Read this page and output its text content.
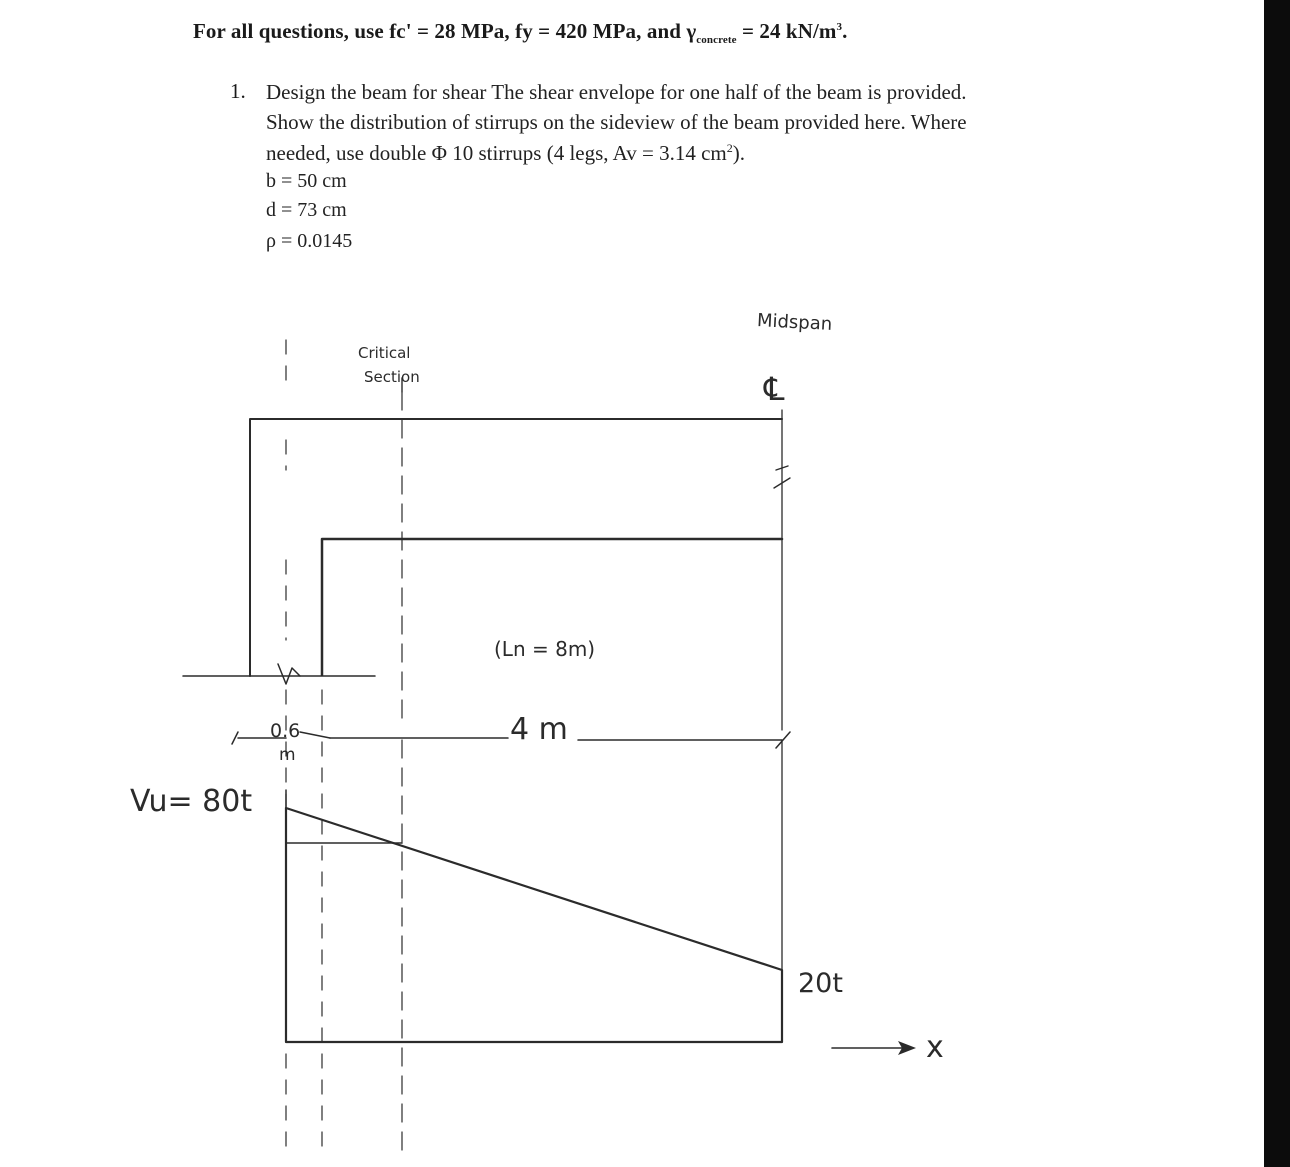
For all questions, use fc' = 28 MPa, fy = 420 MPa, and $\gamma_{concrete} = 24$ $kN/m^3$.
1. Design the beam for shear The shear envelope for one half of the beam is provided.
Show the distribution of stirrups on the sideview of the beam provided here. Where
needed, use double Φ 10 stirrups (4 legs, Av = 3.14 $cm^2$).
b = 50 cm
d = 73 cm
ρ = 0.0145
Midspan
℄
Critical
Section
(Ln = 8m)
0.6
m
4 m
Vu= 80t
20t
x
